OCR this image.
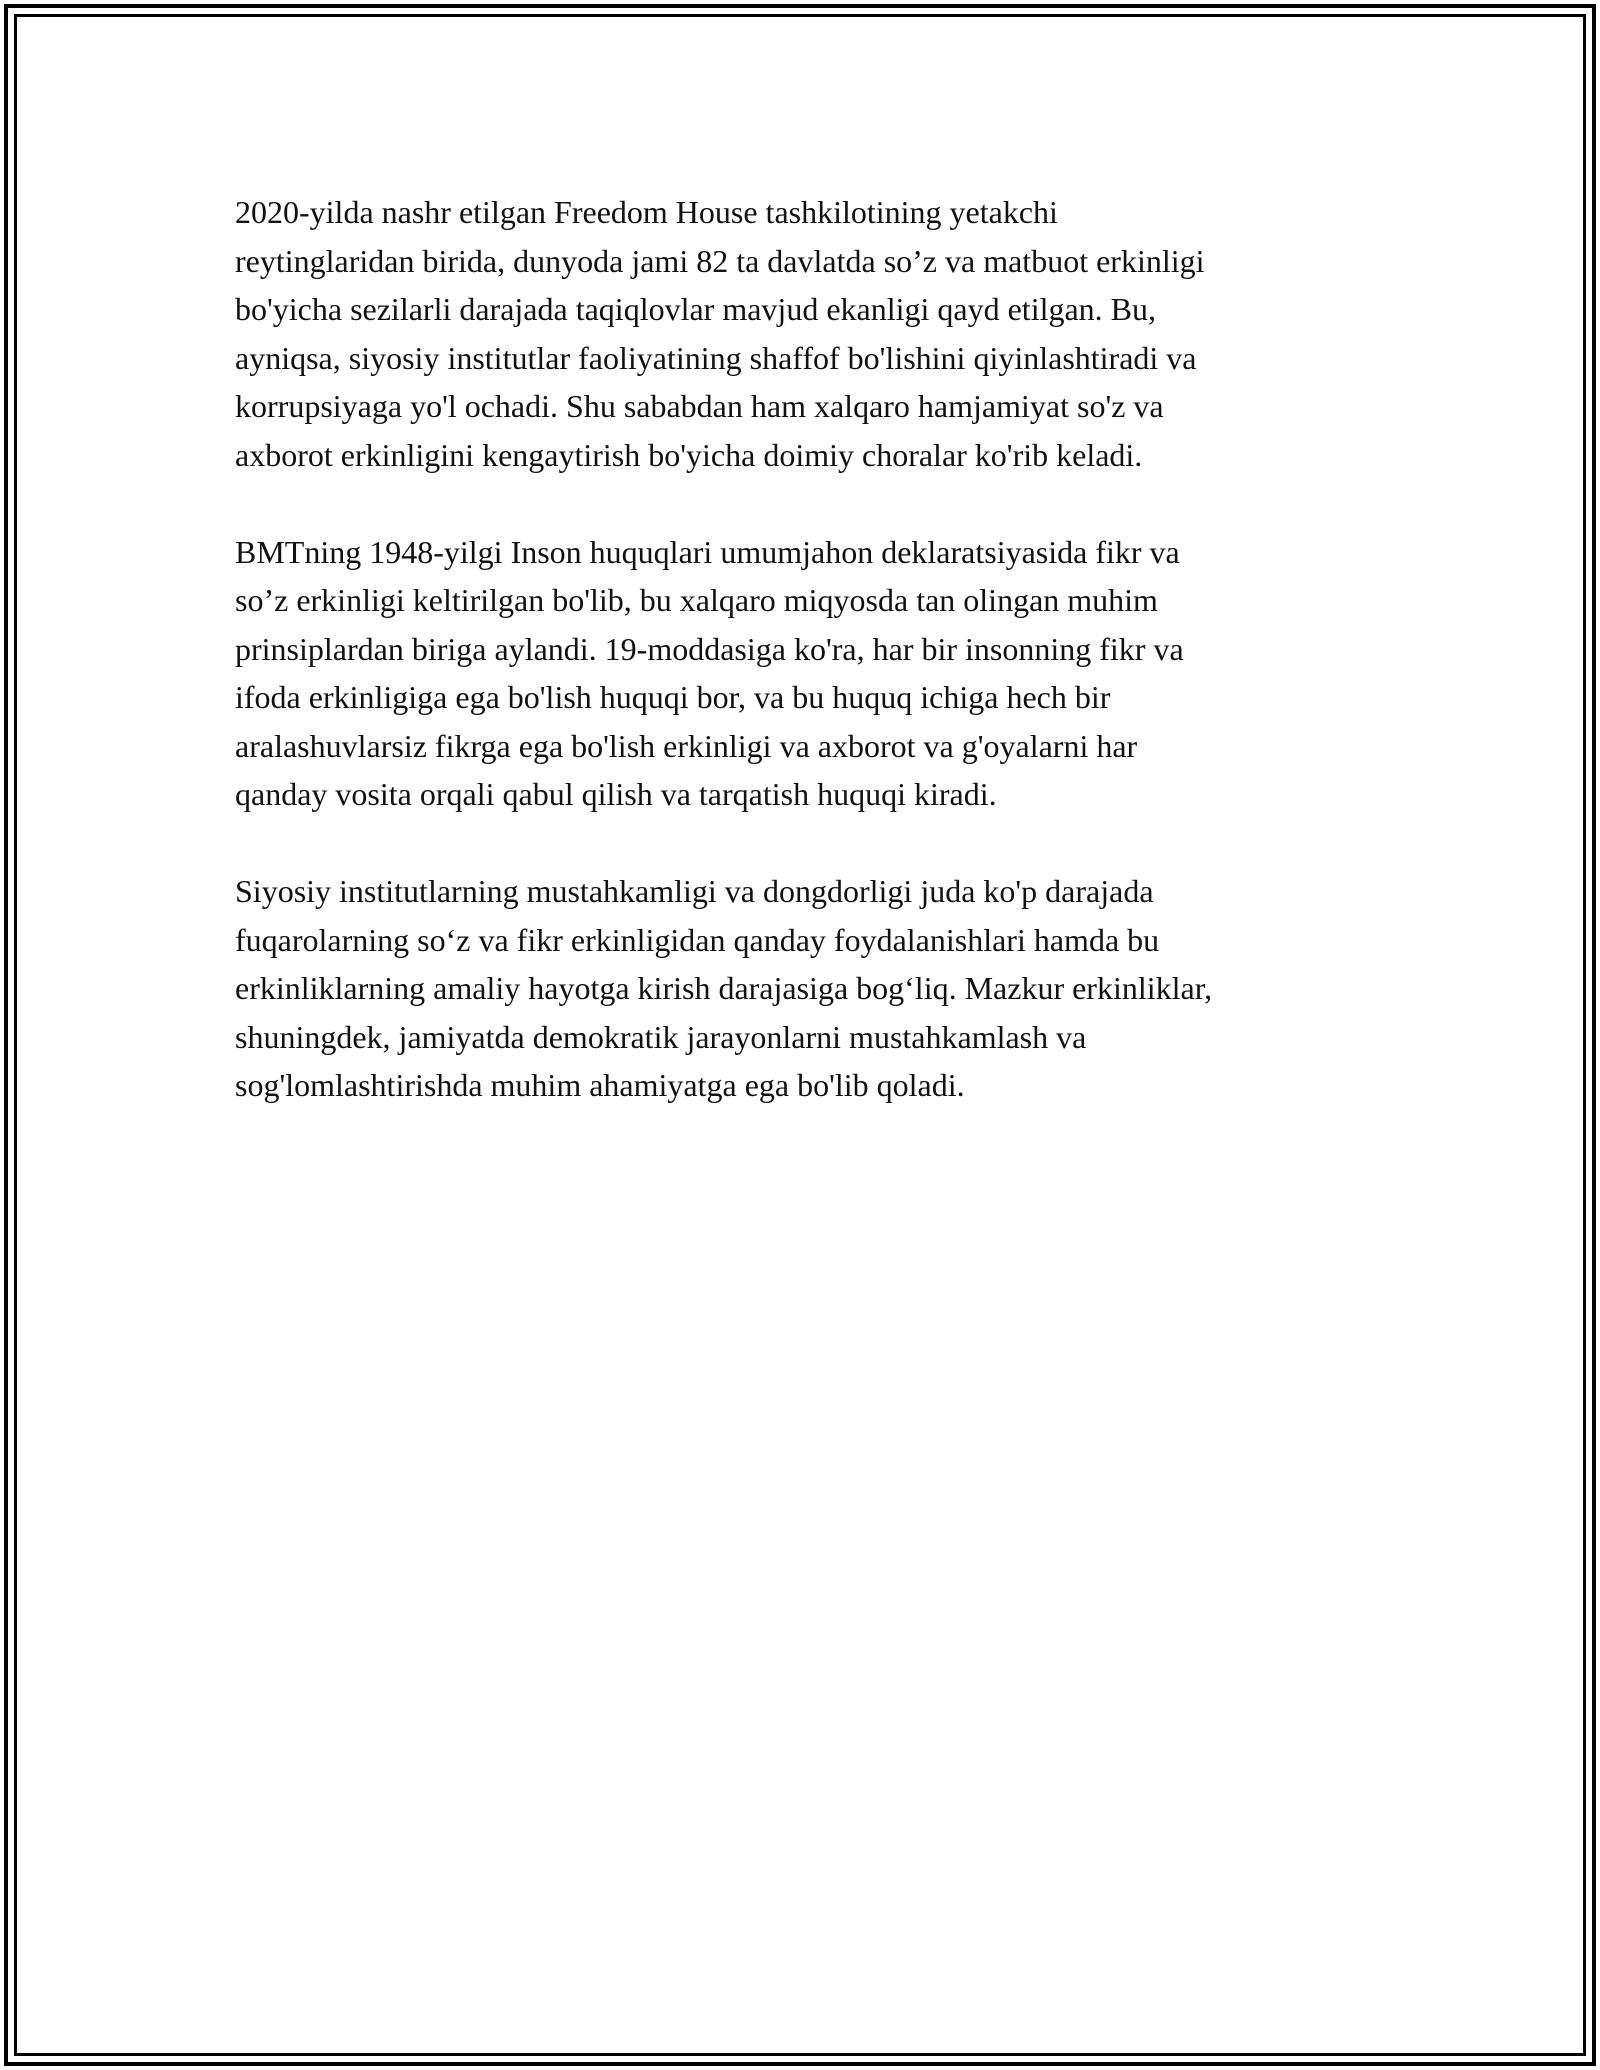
2020-yilda nashr etilgan Freedom House tashkilotining yetakchi
reytinglaridan birida, dunyoda jami 82 ta davlatda so’z va matbuot erkinligi
bo'yicha sezilarli darajada taqiqlovlar mavjud ekanligi qayd etilgan. Bu,
ayniqsa, siyosiy institutlar faoliyatining shaffof bo'lishini qiyinlashtiradi va
korrupsiyaga yo'l ochadi. Shu sababdan ham xalqaro hamjamiyat so'z va
axborot erkinligini kengaytirish bo'yicha doimiy choralar ko'rib keladi.

BMTning 1948-yilgi Inson huquqlari umumjahon deklaratsiyasida fikr va
so’z erkinligi keltirilgan bo'lib, bu xalqaro miqyosda tan olingan muhim
prinsiplardan biriga aylandi. 19-moddasiga ko'ra, har bir insonning fikr va
ifoda erkinligiga ega bo'lish huquqi bor, va bu huquq ichiga hech bir
aralashuvlarsiz fikrga ega bo'lish erkinligi va axborot va g'oyalarni har
qanday vosita orqali qabul qilish va tarqatish huquqi kiradi.

Siyosiy institutlarning mustahkamligi va dongdorligi juda ko'p darajada
fuqarolarning so‘z va fikr erkinligidan qanday foydalanishlari hamda bu
erkinliklarning amaliy hayotga kirish darajasiga bog‘liq. Mazkur erkinliklar,
shuningdek, jamiyatda demokratik jarayonlarni mustahkamlash va
sog'lomlashtirishda muhim ahamiyatga ega bo'lib qoladi.
